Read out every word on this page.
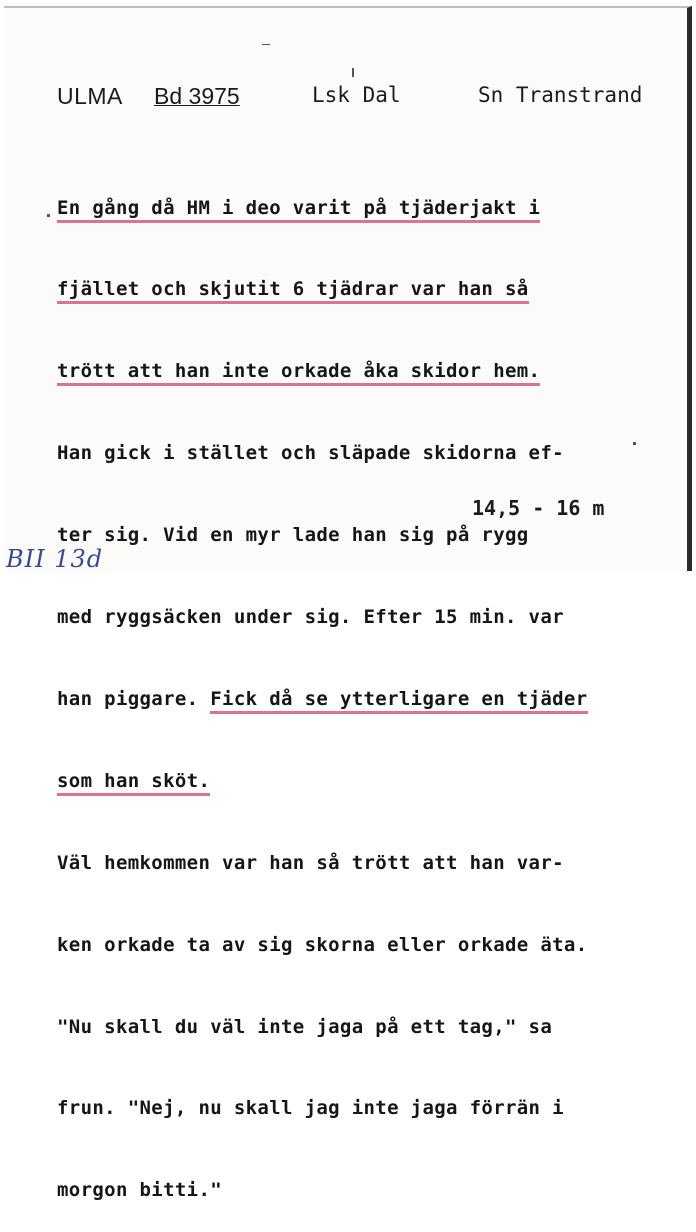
ULMA Bd 3975	Lsk Dal	Sn Transtrand

En gång då HM i deo varit på tjäderjakt i

fjället och skjutit 6 tjädrar var han så

trött att han inte orkade åka skidor hem.

Han gick i stället och släpade skidorna ef-

ter sig. Vid en myr lade han sig på rygg

med ryggsäcken under sig. Efter 15 min. var

han piggare. Fick då se ytterligare en tjäder

som han sköt.

Väl hemkommen var han så trött att han var-

ken orkade ta av sig skorna eller orkade äta.

"Nu skall du väl inte jaga på ett tag," sa

frun. "Nej, nu skall jag inte jaga förrän i

morgon bitti."

14,5 - 16 m
BII 13d
